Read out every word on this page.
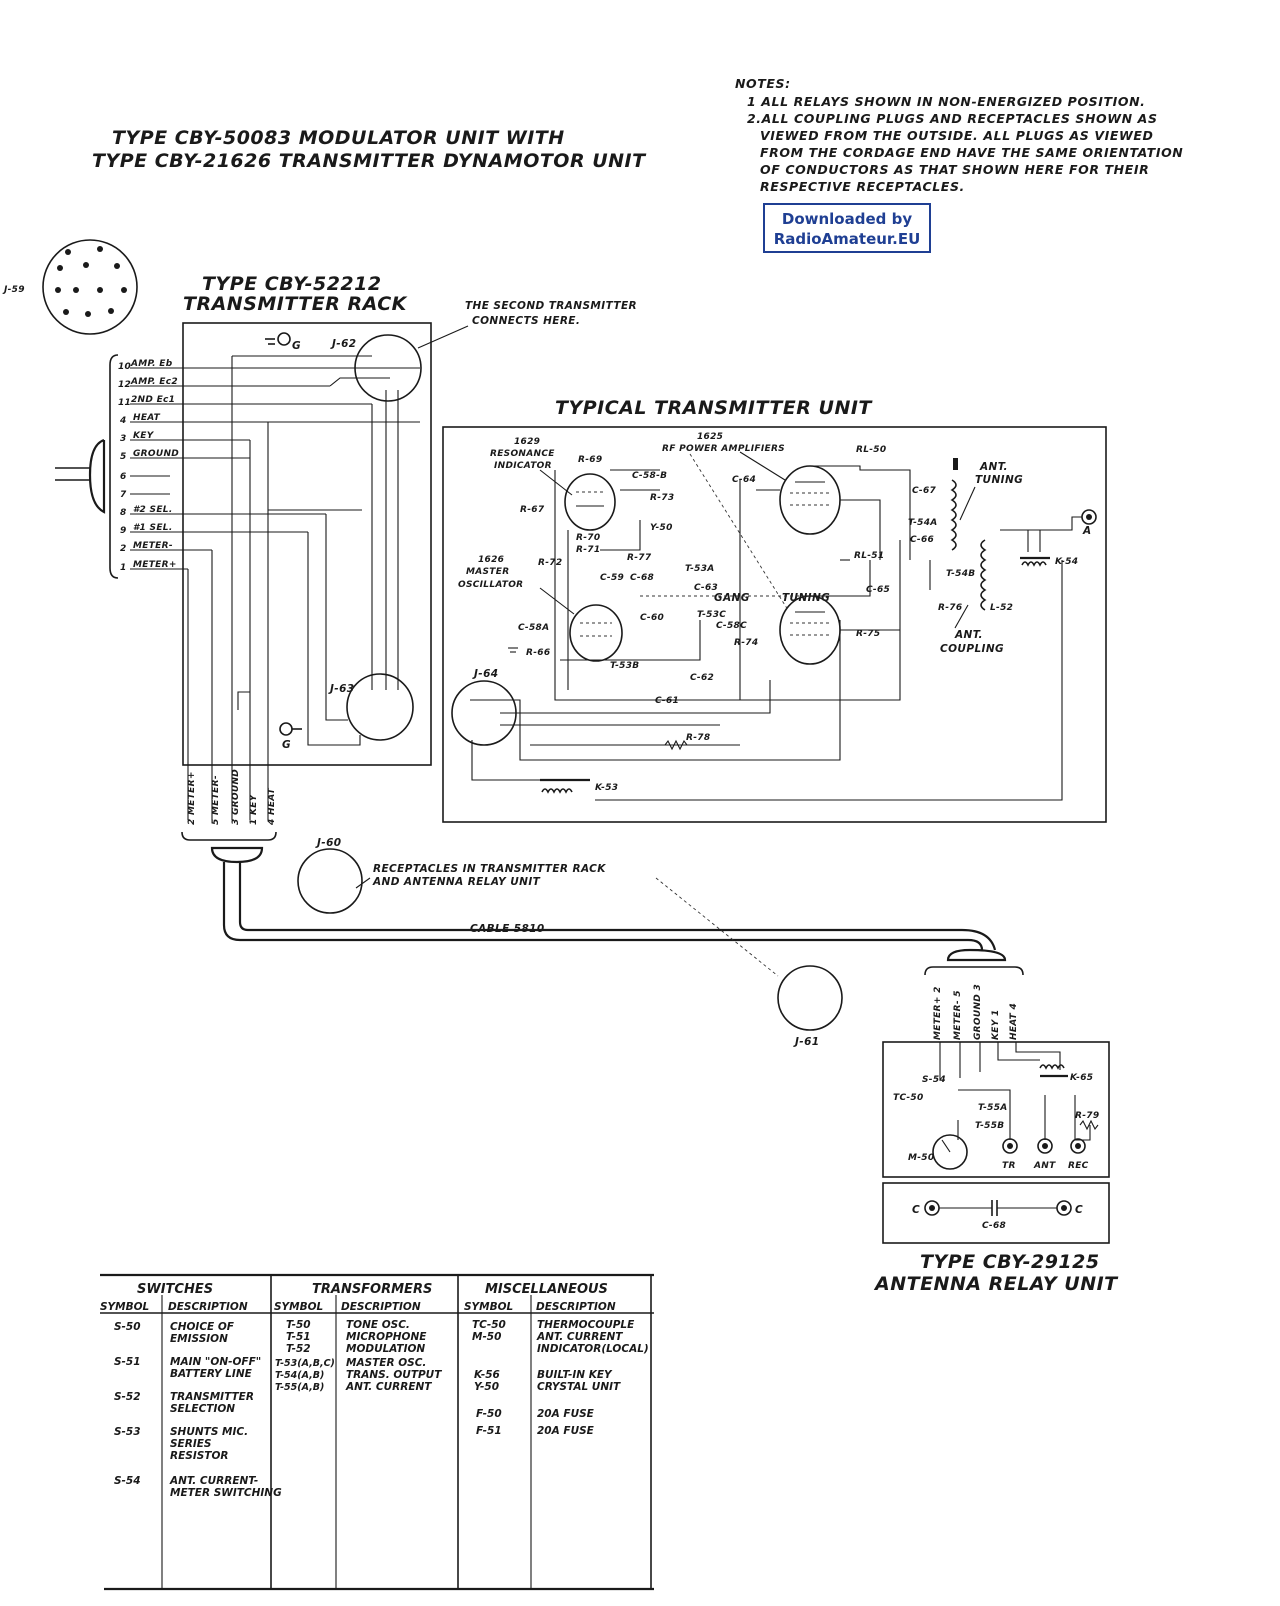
TYPE CBY-50083 MODULATOR UNIT WITH
TYPE CBY-21626 TRANSMITTER DYNAMOTOR UNIT
NOTES:
1 ALL RELAYS SHOWN IN NON-ENERGIZED POSITION.
2.ALL COUPLING PLUGS AND RECEPTACLES SHOWN AS
VIEWED FROM THE OUTSIDE. ALL PLUGS AS VIEWED
FROM THE CORDAGE END HAVE THE SAME ORIENTATION
OF CONDUCTORS AS THAT SHOWN HERE FOR THEIR
RESPECTIVE RECEPTACLES.
J-59	TYPE CBY-52212
TRANSMITTER RACK	THE SECOND TRANSMITTER
CONNECTS HERE.
G	J-62
J-63
G
10 AMP. Eb
12 AMP. Ec2
11 2ND Ec1
4 HEAT
3 KEY
5 GROUND
6
7
8 #2 SEL.
9 #1 SEL.
2 METER-
1 METER+
2 METER+ 5 METER- 3 GROUND 1 KEY 4 HEAT
CABLE 5810
J-60
RECEPTACLES IN TRANSMITTER RACK
AND ANTENNA RELAY UNIT
J-61
TYPICAL TRANSMITTER UNIT
1629
RESONANCE
INDICATOR
1625
RF POWER AMPLIFIERS
1626
MASTER
OSCILLATOR
GANG	TUNING
ANT.
TUNING
ANT.
COUPLING
A
L-52
K-54
J-64
K-53
R-69
R-67
R-73
R-70
R-71
R-72	R-77
R-66
R-74
R-75
R-76
R-78
C-58-B	C-64
C-67
C-66
C-65
C-58A
C-59
C-60
C-68
C-63
C-58C
C-62
C-61
Y-50
T-53A
T-53B
T-53C
T-54A
T-54B
RL-50
RL-51
METER+ 2 METER- 5 GROUND 3 KEY 1 HEAT 4
K-65
S-54
TC-50
T-55A
T-55B
M-50
TR ANT REC
R-79
C	C
C-68
TYPE CBY-29125
ANTENNA RELAY UNIT
SWITCHES	TRANSFORMERS	MISCELLANEOUS
SYMBOL DESCRIPTION	SYMBOL DESCRIPTION	SYMBOL DESCRIPTION
S-50	CHOICE OF
EMISSION
S-51	MAIN "ON-OFF"
BATTERY LINE
S-52	TRANSMITTER
SELECTION
S-53	SHUNTS MIC.
SERIES
RESISTOR
S-54	ANT. CURRENT-
METER SWITCHING
T-50	TONE OSC.
T-51	MICROPHONE
T-52	MODULATION
T-53(A,B,C) MASTER OSC.
T-54(A,B) TRANS. OUTPUT
T-55(A,B) ANT. CURRENT
TC-50	THERMOCOUPLE
M-50	ANT. CURRENT
INDICATOR(LOCAL)
K-56	BUILT-IN KEY
Y-50	CRYSTAL UNIT
F-50	20A FUSE
F-51	20A FUSE
Downloaded by
RadioAmateur.EU
